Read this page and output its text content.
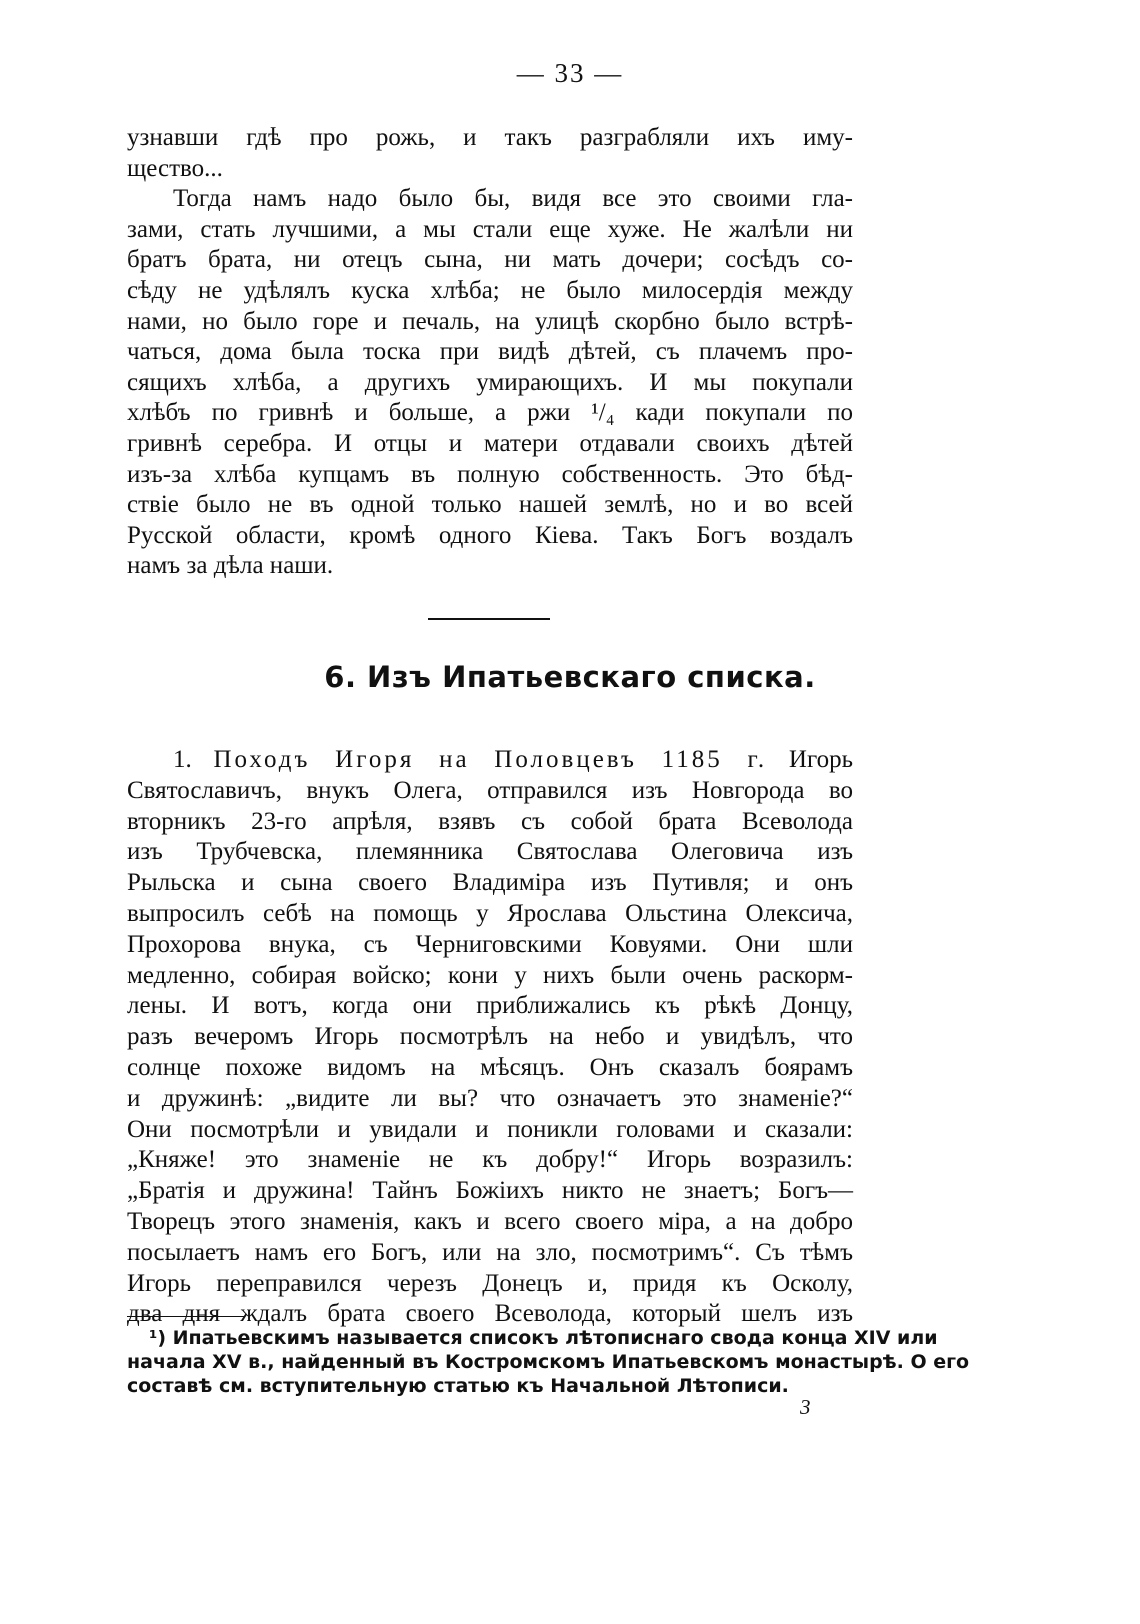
— 33 —
узнавши гдѣ про рожь, и такъ разграбляли ихъ иму-
щество...
Тогда намъ надо было бы, видя все это своими гла-
зами, стать лучшими, а мы стали еще хуже. Не жалѣли ни
братъ брата, ни отецъ сына, ни мать дочери; сосѣдъ со-
сѣду не удѣлялъ куска хлѣба; не было милосердія между
нами, но было горе и печаль, на улицѣ скорбно было встрѣ-
чаться, дома была тоска при видѣ дѣтей, съ плачемъ про-
сящихъ хлѣба, а другихъ умирающихъ. И мы покупали
хлѣбъ по гривнѣ и больше, а ржи ¹/₄ кади покупали по
гривнѣ серебра. И отцы и матери отдавали своихъ дѣтей
изъ-за хлѣба купцамъ въ полную собственность. Это бѣд-
ствіе было не въ одной только нашей землѣ, но и во всей
Русской области, кромѣ одного Кіева. Такъ Богъ воздалъ
намъ за дѣла наши.
6. Изъ Ипатьевскаго списка.
1. Походъ Игоря на Половцевъ 1185 г. Игорь
Святославичъ, внукъ Олега, отправился изъ Новгорода во
вторникъ 23-го апрѣля, взявъ съ собой брата Всеволода
изъ Трубчевска, племянника Святослава Олеговича изъ
Рыльска и сына своего Владиміра изъ Путивля; и онъ
выпросилъ себѣ на помощь у Ярослава Ольстина Олексича,
Прохорова внука, съ Черниговскими Ковуями. Они шли
медленно, собирая войско; кони у нихъ были очень раскорм-
лены. И вотъ, когда они приближались къ рѣкѣ Донцу,
разъ вечеромъ Игорь посмотрѣлъ на небо и увидѣлъ, что
солнце похоже видомъ на мѣсяцъ. Онъ сказалъ боярамъ
и дружинѣ: „видите ли вы? что означаетъ это знаменіе?“
Они посмотрѣли и увидали и поникли головами и сказали:
„Княже! это знаменіе не къ добру!“ Игорь возразилъ:
„Братія и дружина! Тайнъ Божіихъ никто не знаетъ; Богъ—
Творецъ этого знаменія, какъ и всего своего міра, а на добро
посылаетъ намъ его Богъ, или на зло, посмотримъ“. Съ тѣмъ
Игорь переправился черезъ Донецъ и, придя къ Осколу,
два дня ждалъ брата своего Всеволода, который шелъ изъ
¹) Ипатьевскимъ называется списокъ лѣтописнаго свода конца XIV или
начала XV в., найденный въ Костромскомъ Ипатьевскомъ монастырѣ. О его
составѣ см. вступительную статью къ Начальной Лѣтописи.
3
